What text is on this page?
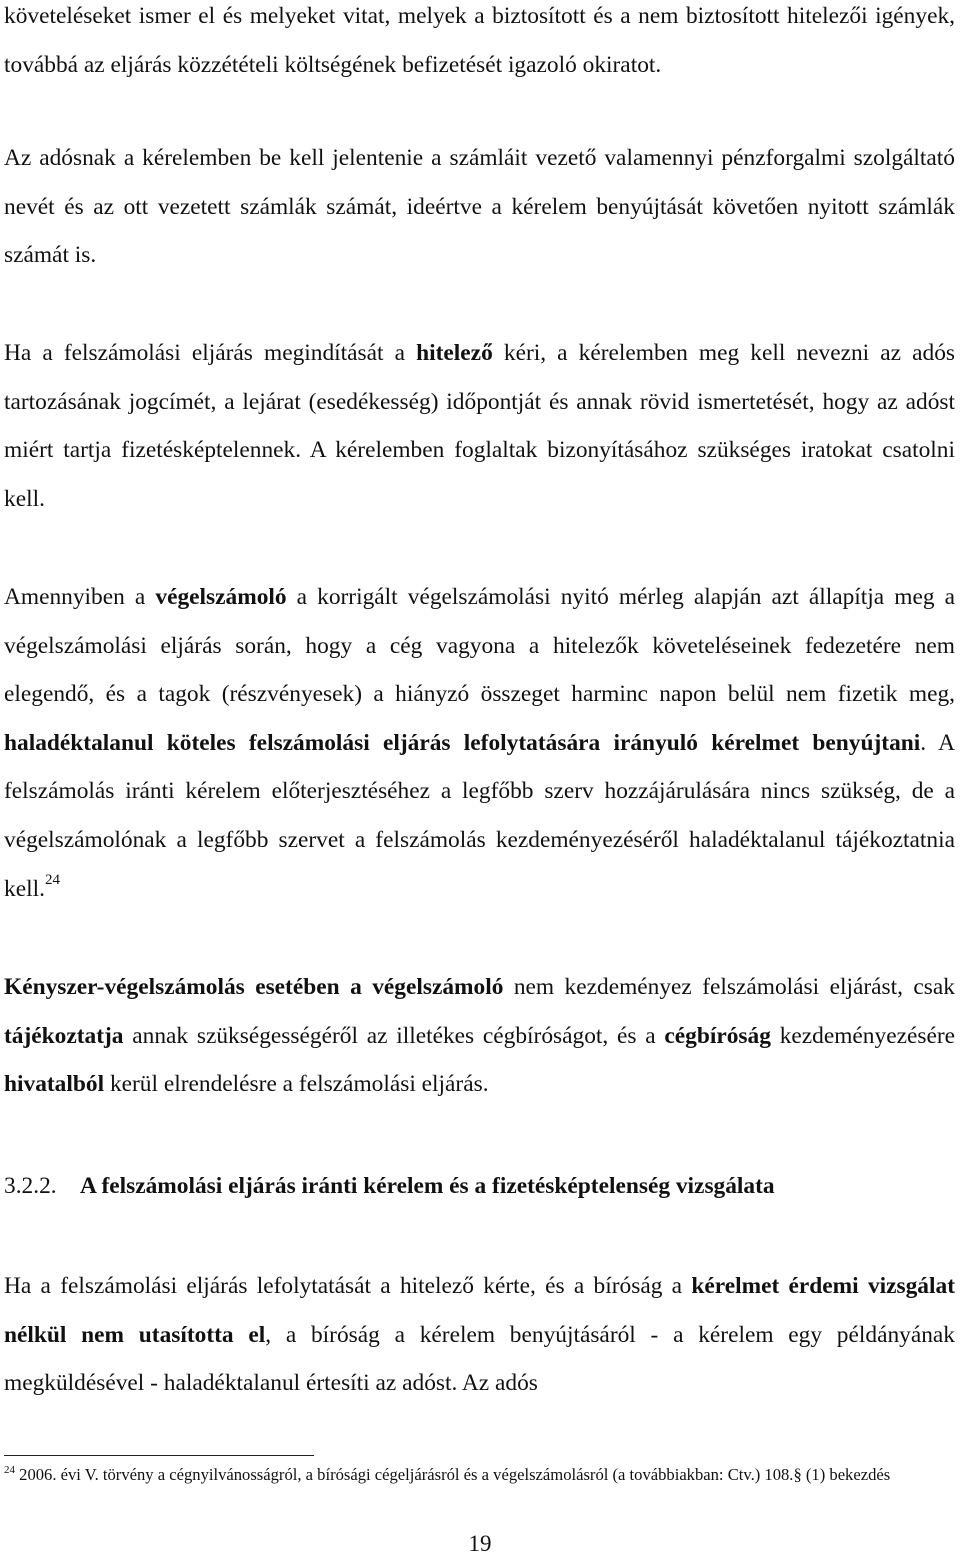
követeléseket ismer el és melyeket vitat, melyek a biztosított és a nem biztosított hitelezői igények, továbbá az eljárás közzétételi költségének befizetését igazoló okiratot.

Az adósnak a kérelemben be kell jelentenie a számláit vezető valamennyi pénzforgalmi szolgáltató nevét és az ott vezetett számlák számát, ideértve a kérelem benyújtását követően nyitott számlák számát is.

Ha a felszámolási eljárás megindítását a hitelező kéri, a kérelemben meg kell nevezni az adós tartozásának jogcímét, a lejárat (esedékesség) időpontját és annak rövid ismertetését, hogy az adóst miért tartja fizetésképtelennek. A kérelemben foglaltak bizonyításához szükséges iratokat csatolni kell.

Amennyiben a végelszámoló a korrigált végelszámolási nyitó mérleg alapján azt állapítja meg a végelszámolási eljárás során, hogy a cég vagyona a hitelezők követeléseinek fedezetére nem elegendő, és a tagok (részvényesek) a hiányzó összeget harminc napon belül nem fizetik meg, haladéktalanul köteles felszámolási eljárás lefolytatására irányuló kérelmet benyújtani. A felszámolás iránti kérelem előterjesztéséhez a legfőbb szerv hozzájárulására nincs szükség, de a végelszámolónak a legfőbb szervet a felszámolás kezdeményezéséről haladéktalanul tájékoztatnia kell.$^{24}$

Kényszer-végelszámolás esetében a végelszámoló nem kezdeményez felszámolási eljárást, csak tájékoztatja annak szükségességéről az illetékes cégbíróságot, és a cégbíróság kezdeményezésére hivatalból kerül elrendelésre a felszámolási eljárás.

3.2.2. A felszámolási eljárás iránti kérelem és a fizetésképtelenség vizsgálata

Ha a felszámolási eljárás lefolytatását a hitelező kérte, és a bíróság a kérelmet érdemi vizsgálat nélkül nem utasította el, a bíróság a kérelem benyújtásáról - a kérelem egy példányának megküldésével - haladéktalanul értesíti az adóst. Az adós

$^{24}$ 2006. évi V. törvény a cégnyilvánosságról, a bírósági cégeljárásról és a végelszámolásról (a továbbiakban: Ctv.) 108.§ (1) bekezdés

19
